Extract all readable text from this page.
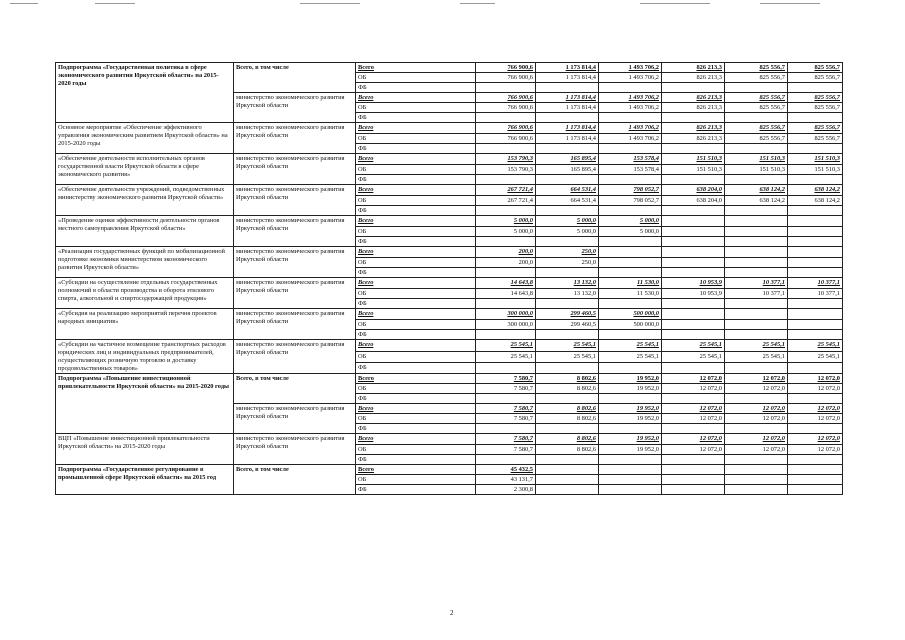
Подпрограмма «Государственная политика в сфере экономического развития Иркутской области» на 2015-2020 годы	Всего, в том числе	Всего	766 900,6	1 173 814,4	1 493 706,2	826 213,3	825 556,7	825 556,7
		ОБ	766 900,6	1 173 814,4	1 493 706,2	826 213,3	825 556,7	825 556,7
		ФБ						
	министерство экономического развития Иркутской области	Всего	766 900,6	1 173 814,4	1 493 706,2	826 213,3	825 556,7	825 556,7
		ОБ	766 900,6	1 173 814,4	1 493 706,2	826 213,3	825 556,7	825 556,7
		ФБ						
Основное мероприятие «Обеспечение эффективного управления экономическим развитием Иркутской области» на 2015-2020 годы	министерство экономического развития Иркутской области	Всего	766 900,6	1 173 814,4	1 493 706,2	826 213,3	825 556,7	825 556,7
		ОБ	766 900,6	1 173 814,4	1 493 706,2	826 213,3	825 556,7	825 556,7
		ФБ						
«Обеспечение деятельности исполнительных органов государственной власти Иркутской области в сфере экономического развития»	министерство экономического развития Иркутской области	Всего	153 790,3	165 895,4	153 578,4	151 510,3	151 510,3	151 510,3
		ОБ	153 790,3	165 895,4	153 578,4	151 510,3	151 510,3	151 510,3
		ФБ						
«Обеспечение деятельности учреждений, подведомственных министерству экономического развития Иркутской области»	министерство экономического развития Иркутской области	Всего	267 721,4	664 531,4	798 052,7	638 204,0	638 124,2	638 124,2
		ОБ	267 721,4	664 531,4	798 052,7	638 204,0	638 124,2	638 124,2
		ФБ						
«Проведение оценки эффективности деятельности органов местного самоуправления Иркутской области»	министерство экономического развития Иркутской области	Всего	5 000,0	5 000,0	5 000,0			
		ОБ	5 000,0	5 000,0	5 000,0			
		ФБ						
«Реализация государственных функций по мобилизационной подготовке экономики министерством экономического развития Иркутской области»	министерство экономического развития Иркутской области	Всего	200,0	250,0				
		ОБ	200,0	250,0				
		ФБ						
«Субсидии на осуществление отдельных государственных полномочий в области производства и оборота этилового спирта, алкогольной и спиртосодержащей продукции»	министерство экономического развития Иркутской области	Всего	14 643,8	13 132,0	11 530,0	10 953,9	10 377,1	10 377,1
		ОБ	14 643,8	13 132,0	11 530,0	10 953,9	10 377,1	10 377,1
		ФБ						
«Субсидия на реализацию мероприятий перечня проектов народных инициатив»	министерство экономического развития Иркутской области	Всего	300 000,0	299 460,5	500 000,0			
		ОБ	300 000,0	299 460,5	500 000,0			
		ФБ						
«Субсидии на частичное возмещение транспортных расходов юридических лиц и индивидуальных предпринимателей, осуществляющих розничную торговлю и доставку продовольственных товаров»	министерство экономического развития Иркутской области	Всего	25 545,1	25 545,1	25 545,1	25 545,1	25 545,1	25 545,1
		ОБ	25 545,1	25 545,1	25 545,1	25 545,1	25 545,1	25 545,1
		ФБ						
Подпрограмма «Повышение инвестиционной привлекательности Иркутской области» на 2015-2020 годы	Всего, в том числе	Всего	7 580,7	8 802,6	19 952,0	12 072,0	12 072,0	12 072,0
		ОБ	7 580,7	8 802,6	19 952,0	12 072,0	12 072,0	12 072,0
		ФБ						
	министерство экономического развития Иркутской области	Всего	7 580,7	8 802,6	19 952,0	12 072,0	12 072,0	12 072,0
		ОБ	7 580,7	8 802,6	19 952,0	12 072,0	12 072,0	12 072,0
		ФБ						
ВЦП «Повышение инвестиционной привлекательности Иркутской области» на 2015-2020 годы	министерство экономического развития Иркутской области	Всего	7 580,7	8 802,6	19 952,0	12 072,0	12 072,0	12 072,0
		ОБ	7 580,7	8 802,6	19 952,0	12 072,0	12 072,0	12 072,0
		ФБ						
Подпрограмма «Государственное регулирование в промышленной сфере Иркутской области» на 2015 год	Всего, в том числе	Всего	45 432,5					
		ОБ	43 131,7					
		ФБ	2 300,8					
2
